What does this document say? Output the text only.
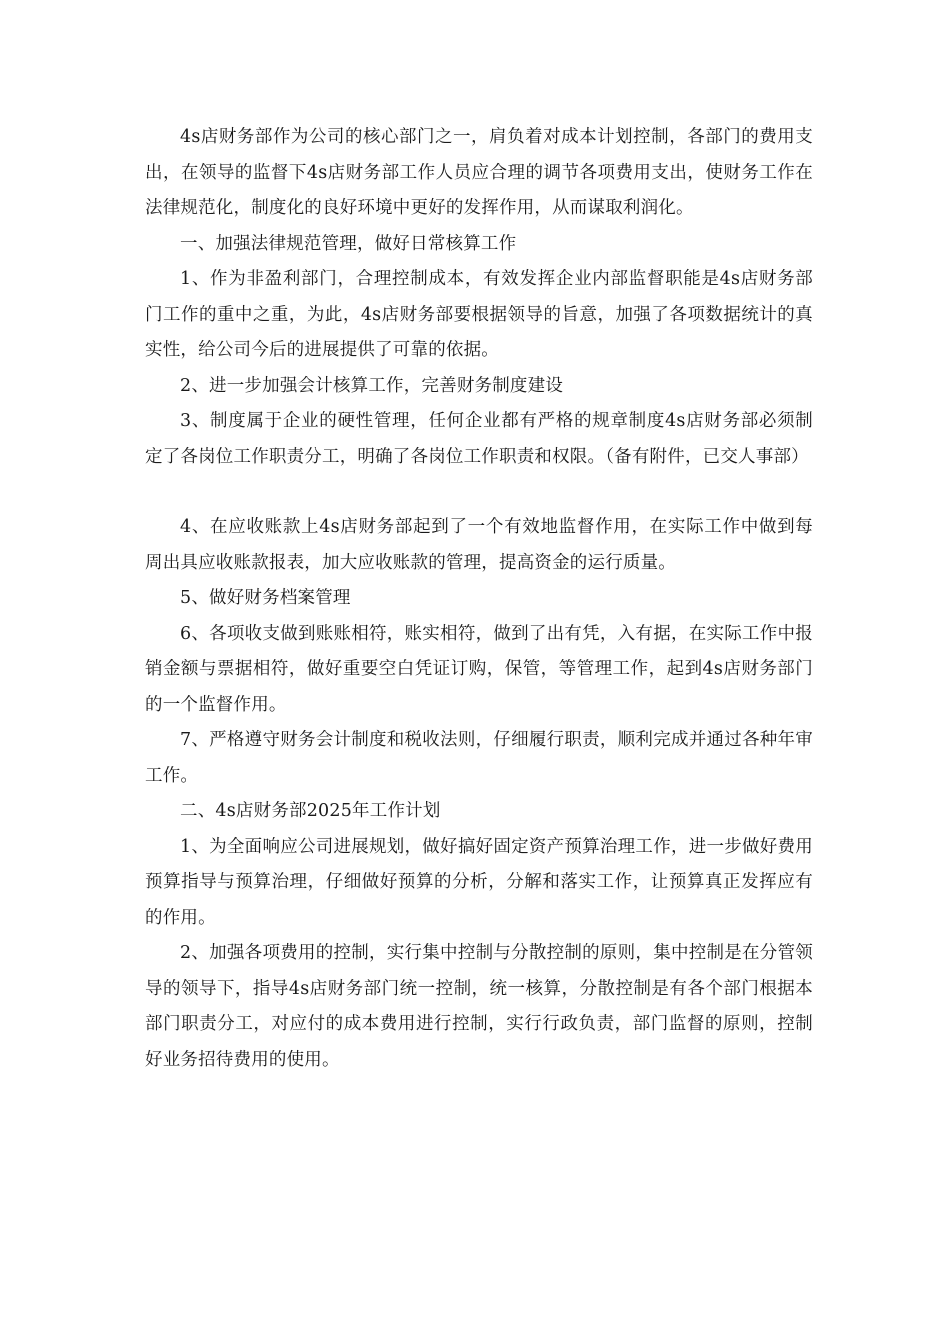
4s店财务部作为公司的核心部门之一，肩负着对成本计划控制，各部门的费用支出，在领导的监督下4s店财务部工作人员应合理的调节各项费用支出，使财务工作在法律规范化，制度化的良好环境中更好的发挥作用，从而谋取利润化。

一、加强法律规范管理，做好日常核算工作

1、作为非盈利部门，合理控制成本，有效发挥企业内部监督职能是4s店财务部门工作的重中之重，为此，4s店财务部要根据领导的旨意，加强了各项数据统计的真实性，给公司今后的进展提供了可靠的依据。

2、进一步加强会计核算工作，完善财务制度建设

3、制度属于企业的硬性管理，任何企业都有严格的规章制度4s店财务部必须制定了各岗位工作职责分工，明确了各岗位工作职责和权限。（备有附件，已交人事部）

4、在应收账款上4s店财务部起到了一个有效地监督作用，在实际工作中做到每周出具应收账款报表，加大应收账款的管理，提高资金的运行质量。

5、做好财务档案管理

6、各项收支做到账账相符，账实相符，做到了出有凭，入有据，在实际工作中报销金额与票据相符，做好重要空白凭证订购，保管，等管理工作，起到4s店财务部门的一个监督作用。

7、严格遵守财务会计制度和税收法则，仔细履行职责，顺利完成并通过各种年审工作。

二、4s店财务部2025年工作计划

1、为全面响应公司进展规划，做好搞好固定资产预算治理工作，进一步做好费用预算指导与预算治理，仔细做好预算的分析，分解和落实工作，让预算真正发挥应有的作用。

2、加强各项费用的控制，实行集中控制与分散控制的原则，集中控制是在分管领导的领导下，指导4s店财务部门统一控制，统一核算，分散控制是有各个部门根据本部门职责分工，对应付的成本费用进行控制，实行行政负责，部门监督的原则，控制好业务招待费用的使用。
